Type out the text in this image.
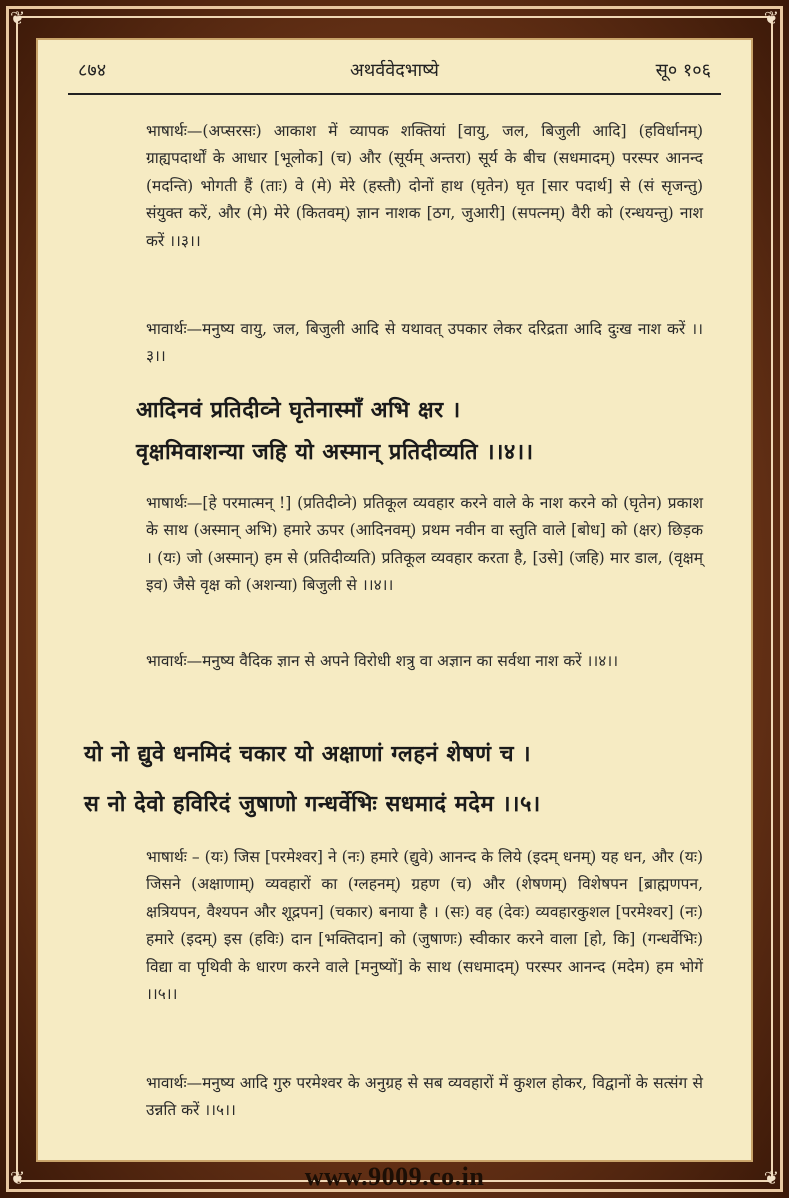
❦	❦
❦	❦
८७४	अथर्ववेदभाष्ये	सू० १०६
भाषार्थः—(अप्सरसः) आकाश में व्यापक शक्तियां [वायु, जल, बिजुली आदि] (हविर्धानम्) ग्राह्यपदार्थों के आधार [भूलोक] (च) और (सूर्यम् अन्तरा) सूर्य के बीच (सधमादम्) परस्पर आनन्द (मदन्ति) भोगती हैं (ताः) वे (मे) मेरे (हस्तौ) दोनों हाथ (घृतेन) घृत [सार पदार्थ] से (सं सृजन्तु) संयुक्त करें, और (मे) मेरे (कितवम्) ज्ञान नाशक [ठग, जुआरी] (सपत्नम्) वैरी को (रन्धयन्तु) नाश करें ।।३।।
भावार्थः—मनुष्य वायु, जल, बिजुली आदि से यथावत् उपकार लेकर दरिद्रता आदि दुःख नाश करें ।।३।।
आदिनवं प्रतिदीव्ने घृतेनास्माँ अभि क्षर ।
वृक्षमिवाशन्या जहि यो अस्मान् प्रतिदीव्यति ।।४।।
भाषार्थः—[हे परमात्मन् !] (प्रतिदीव्ने) प्रतिकूल व्यवहार करने वाले के नाश करने को (घृतेन) प्रकाश के साथ (अस्मान् अभि) हमारे ऊपर (आदिनवम्) प्रथम नवीन वा स्तुति वाले [बोध] को (क्षर) छिड़क । (यः) जो (अस्मान्) हम से (प्रतिदीव्यति) प्रतिकूल व्यवहार करता है, [उसे] (जहि) मार डाल, (वृक्षम् इव) जैसे वृक्ष को (अशन्या) बिजुली से ।।४।।
भावार्थः—मनुष्य वैदिक ज्ञान से अपने विरोधी शत्रु वा अज्ञान का सर्वथा नाश करें ।।४।।
यो नो द्युवे धनमिदं चकार यो अक्षाणां ग्लहनं शेषणं च ।
स नो देवो हविरिदं जुषाणो गन्धर्वेभिः सधमादं मदेम ।।५।
भाषार्थः – (यः) जिस [परमेश्वर] ने (नः) हमारे (द्युवे) आनन्द के लिये (इदम् धनम्) यह धन, और (यः) जिसने (अक्षाणाम्) व्यवहारों का (ग्लहनम्) ग्रहण (च) और (शेषणम्) विशेषपन [ब्राह्मणपन, क्षत्रियपन, वैश्यपन और शूद्रपन] (चकार) बनाया है । (सः) वह (देवः) व्यवहारकुशल [परमेश्वर] (नः) हमारे (इदम्) इस (हविः) दान [भक्तिदान] को (जुषाणः) स्वीकार करने वाला [हो, कि] (गन्धर्वेभिः) विद्या वा पृथिवी के धारण करने वाले [मनुष्यों] के साथ (सधमादम्) परस्पर आनन्द (मदेम) हम भोगें ।।५।।
भावार्थः—मनुष्य आदि गुरु परमेश्वर के अनुग्रह से सब व्यवहारों में कुशल होकर, विद्वानों के सत्संग से उन्नति करें ।।५।।
www.9009.co.in
